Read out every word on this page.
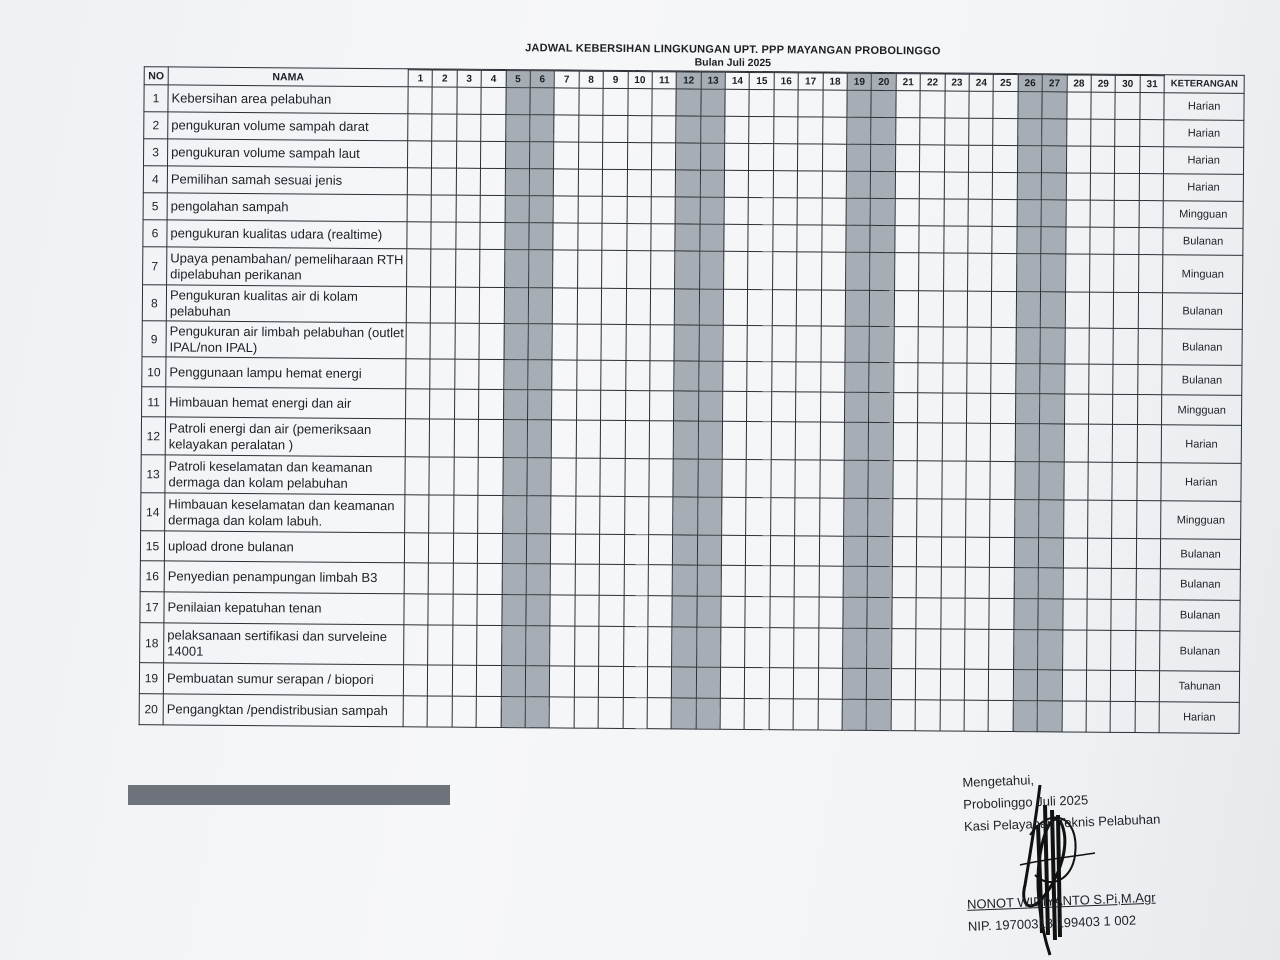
JADWAL KEBERSIHAN LINGKUNGAN UPT. PPP MAYANGAN PROBOLINGGO
Bulan Juli 2025
NO	NAMA																																KETERANGAN
		1	2	3	4	5	6	7	8	9	10	11	12	13	14	15	16	17	18	19	20	21	22	23	24	25	26	27	28	29	30	31	
1	Kebersihan area pelabuhan																																Harian
2	pengukuran volume sampah darat																																Harian
3	pengukuran volume sampah laut																																Harian
4	Pemilihan samah sesuai jenis																																Harian
5	pengolahan sampah																																Mingguan
6	pengukuran kualitas udara (realtime)																																Bulanan
7	Upaya penambahan/ pemeliharaan RTH dipelabuhan perikanan																																Minguan
8	Pengukuran kualitas air di kolam pelabuhan																																Bulanan
9	Pengukuran air limbah pelabuhan (outlet IPAL/non IPAL)																																Bulanan
10	Penggunaan lampu hemat energi																																Bulanan
11	Himbauan hemat energi dan air																																Mingguan
12	Patroli energi dan air (pemeriksaan kelayakan peralatan )																																Harian
13	Patroli keselamatan dan keamanan dermaga dan kolam pelabuhan																																Harian
14	Himbauan keselamatan dan keamanan dermaga dan kolam labuh.																																Mingguan
15	upload drone bulanan																																Bulanan
16	Penyedian penampungan limbah B3																																Bulanan
17	Penilaian kepatuhan tenan																																Bulanan
18	pelaksanaan sertifikasi dan surveleine 14001																																Bulanan
19	Pembuatan sumur serapan / biopori																																Tahunan
20	Pengangktan /pendistribusian sampah																																Harian
Mengetahui,
Probolinggo Juli 2025
Kasi Pelayanan Teknis Pelabuhan
NONOT WIDIYANTO S.Pi,M.Agr
NIP. 19700318 199403 1 002
